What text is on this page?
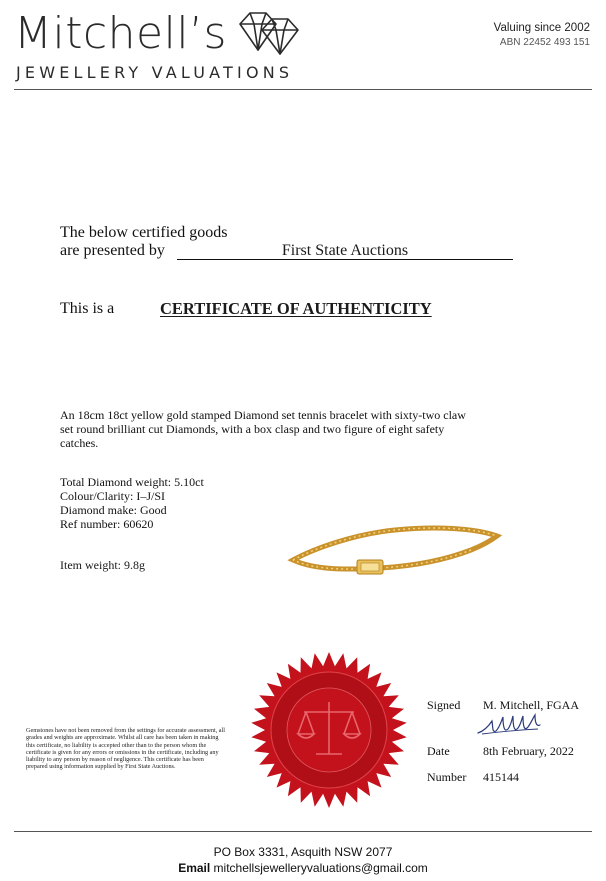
Mitchell’s
JEWELLERY VALUATIONS
Valuing since 2002
ABN 22452 493 151
The below certified goods
are presented by	First State Auctions
This is a	CERTIFICATE OF AUTHENTICITY
An 18cm 18ct yellow gold stamped Diamond set tennis bracelet with sixty-two claw set round brilliant cut Diamonds, with a box clasp and two figure of eight safety catches.
Total Diamond weight: 5.10ct
Colour/Clarity: I–J/SI
Diamond make: Good
Ref number: 60620
Item weight: 9.8g
Gemstones have not been removed from the settings for accurate assessment, all grades and weights are approximate. Whilst all care has been taken in making this certificate, no liability is accepted other than to the person whom the certificate is given for any errors or omissions in the certificate, including any liability to any person by reason of negligence. This certificate has been prepared using information supplied by First State Auctions.
Signed M. Mitchell, FGAA
Date	8th February, 2022
Number 415144
PO Box 3331, Asquith NSW 2077
Email mitchellsjewelleryvaluations@gmail.com
